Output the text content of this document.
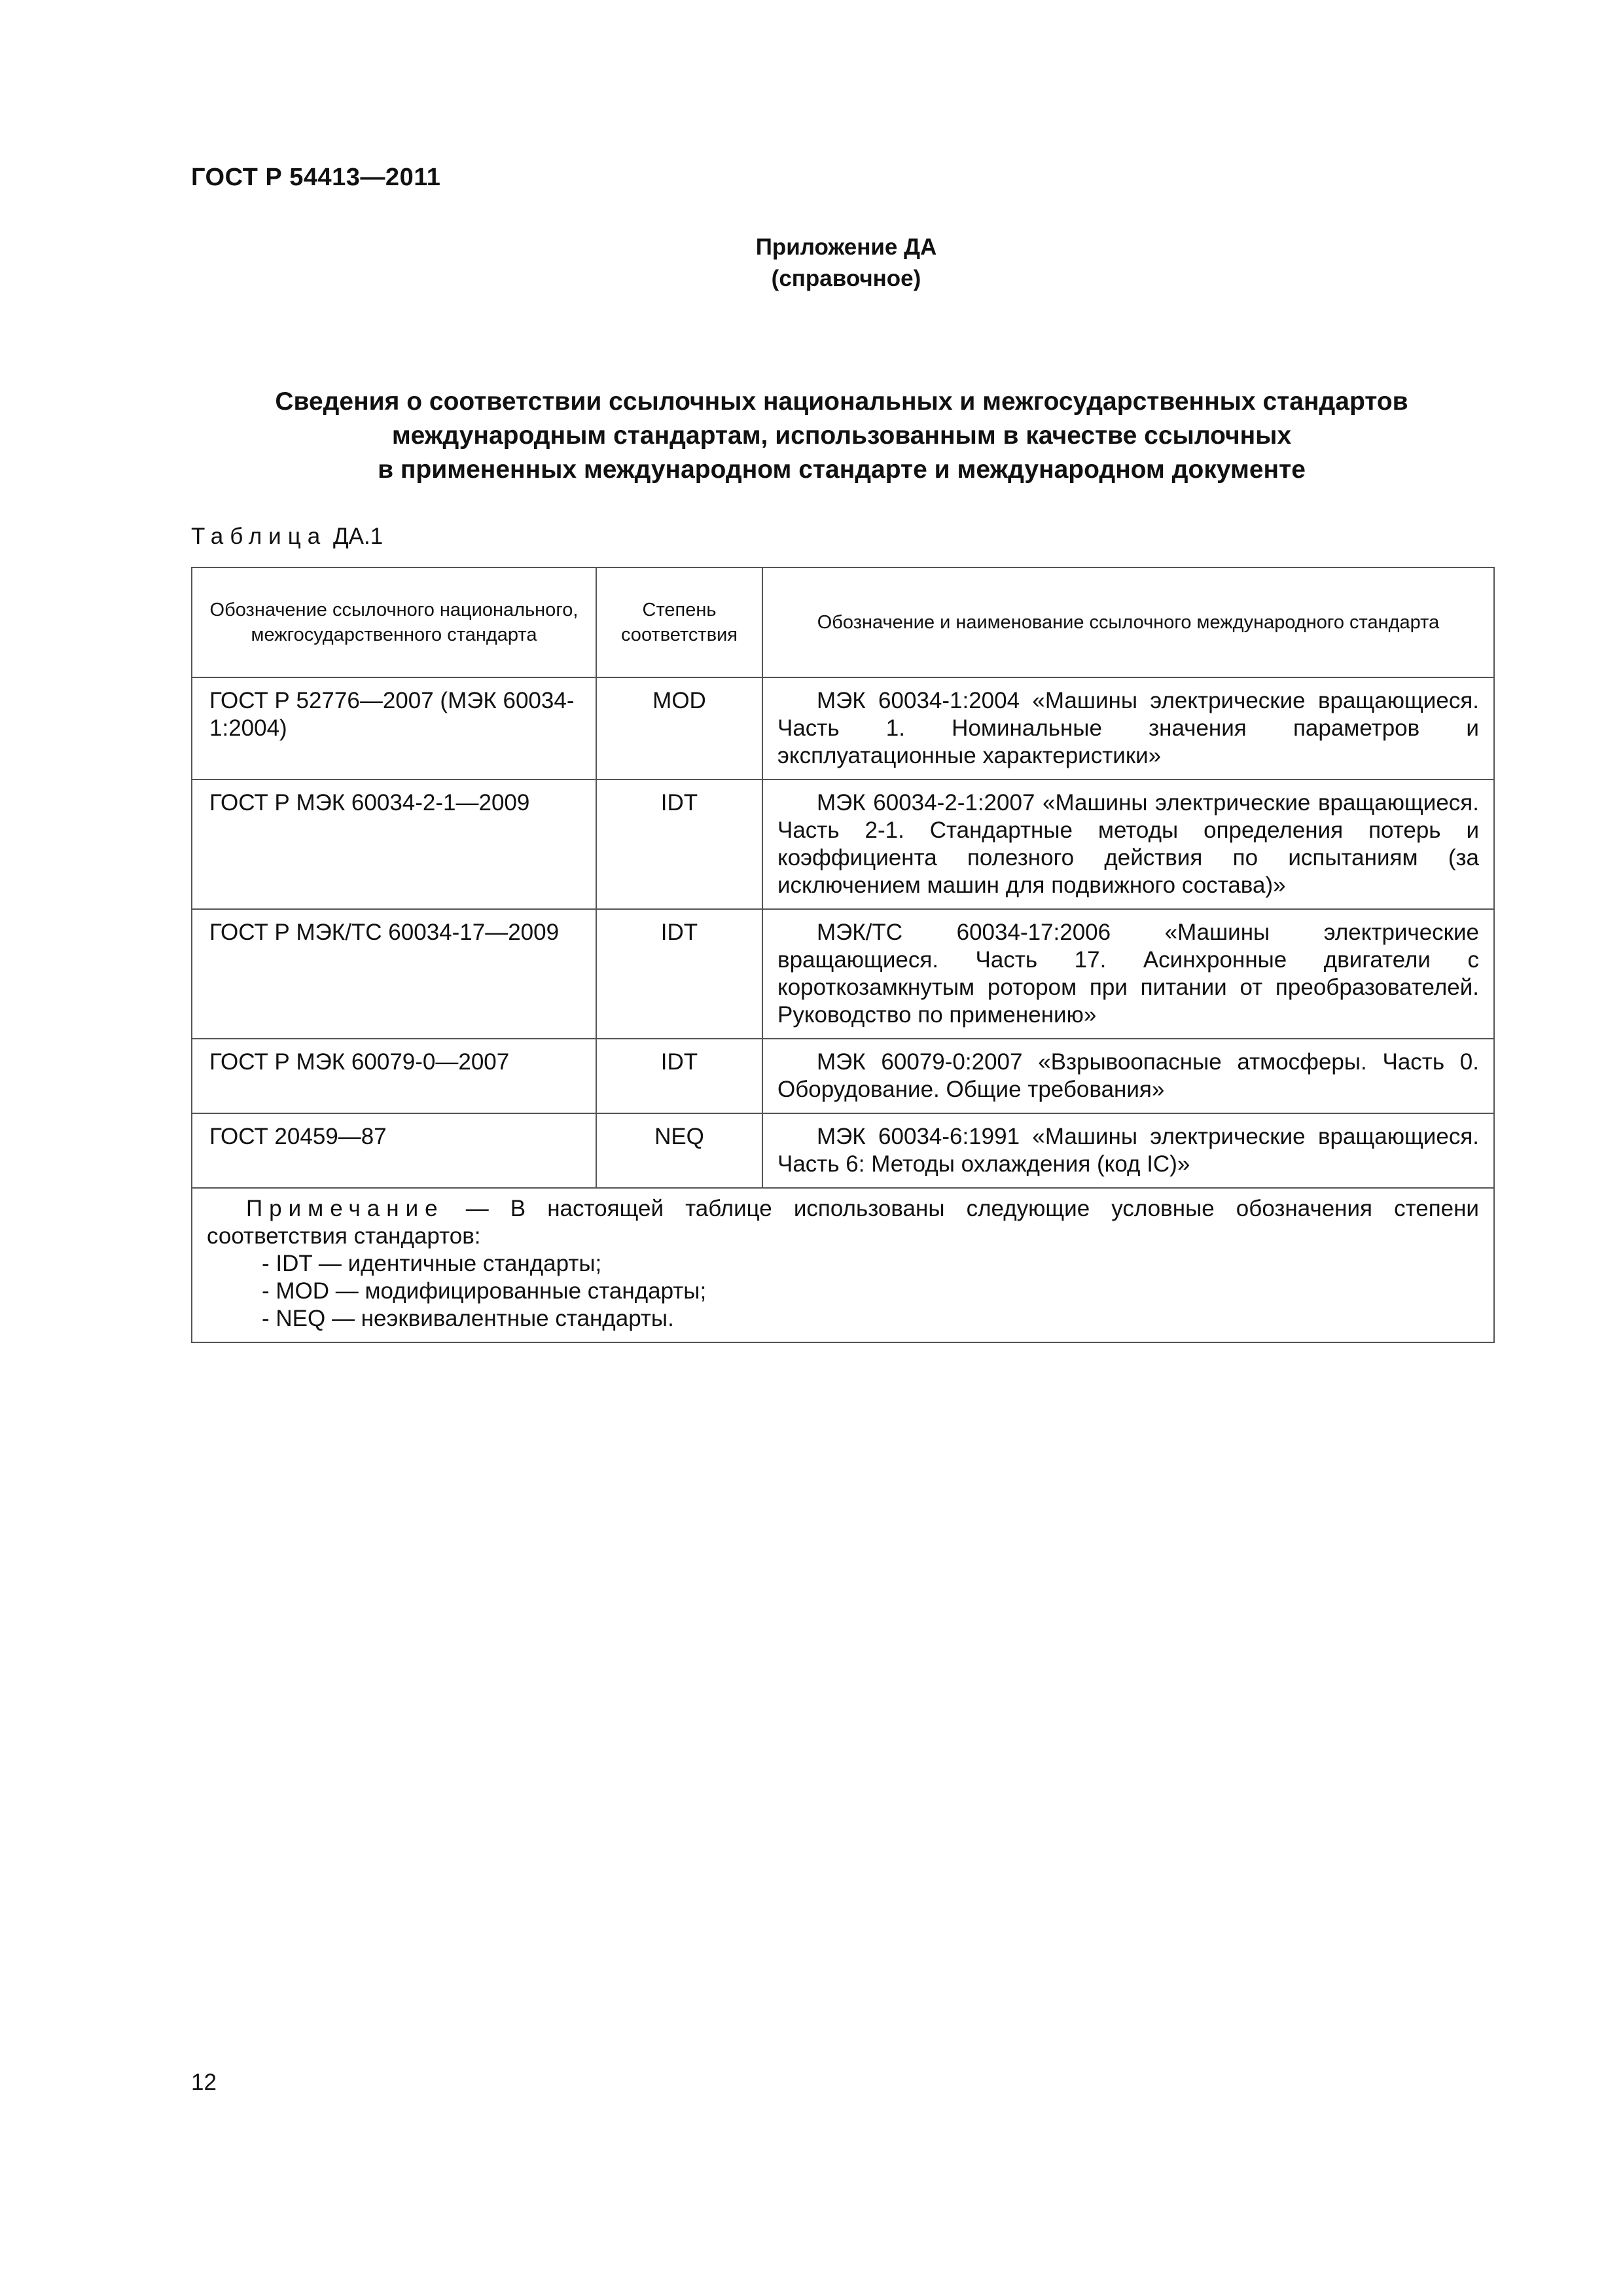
ГОСТ Р 54413—2011
Приложение ДА
(справочное)
Сведения о соответствии ссылочных национальных и межгосударственных стандартов
международным стандартам, использованным в качестве ссылочных
в примененных международном стандарте и международном документе
Таблица ДА.1
Обозначение ссылочного национального, межгосударственного стандарта	Степень соответствия	Обозначение и наименование ссылочного международного стандарта
ГОСТ Р 52776—2007 (МЭК 60034-1:2004)	MOD	МЭК 60034-1:2004 «Машины электрические вращающиеся. Часть 1. Номинальные значения параметров и эксплуатационные характеристики»
ГОСТ Р МЭК 60034-2-1—2009	IDT	МЭК 60034-2-1:2007 «Машины электрические вращающиеся. Часть 2-1. Стандартные методы определения потерь и коэффициента полезного действия по испытаниям (за исключением машин для подвижного состава)»
ГОСТ Р МЭК/ТС 60034-17—2009	IDT	МЭК/ТС 60034-17:2006 «Машины электрические вращающиеся. Часть 17. Асинхронные двигатели с короткозамкнутым ротором при питании от преобразователей. Руководство по применению»
ГОСТ Р МЭК 60079-0—2007	IDT	МЭК 60079-0:2007 «Взрывоопасные атмосферы. Часть 0. Оборудование. Общие требования»
ГОСТ 20459—87	NEQ	МЭК 60034-6:1991 «Машины электрические вращающиеся. Часть 6: Методы охлаждения (код IC)»

Примечание — В настоящей таблице использованы следующие условные обозначения степени соответствия стандартов:
- IDT — идентичные стандарты;
- MOD — модифицированные стандарты;
- NEQ — неэквивалентные стандарты.		
12
